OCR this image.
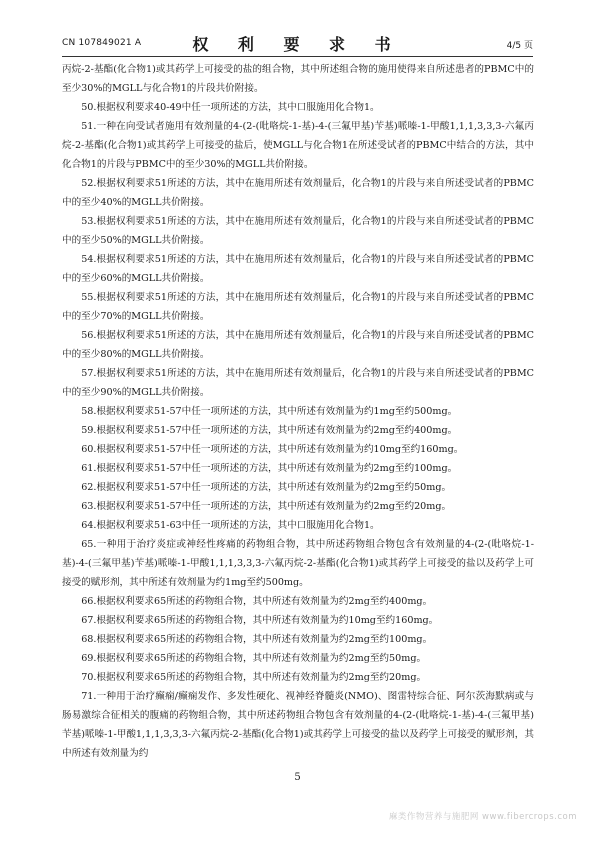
CN 107849021 A	权 利 要 求 书	4/5 页

丙烷-2-基酯(化合物1)或其药学上可接受的盐的组合物，其中所述组合物的施用使得来自所述患者的PBMC中的至少30%的MGLL与化合物1的片段共价附接。

50.根据权利要求40-49中任一项所述的方法，其中口服施用化合物1。

51.一种在向受试者施用有效剂量的4-(2-(吡咯烷-1-基)-4-(三氟甲基)苄基)哌嗪-1-甲酸1,1,1,3,3,3-六氟丙烷-2-基酯(化合物1)或其药学上可接受的盐后，使MGLL与化合物1在所述受试者的PBMC中结合的方法，其中化合物1的片段与PBMC中的至少30%的MGLL共价附接。

52.根据权利要求51所述的方法，其中在施用所述有效剂量后，化合物1的片段与来自所述受试者的PBMC中的至少40%的MGLL共价附接。

53.根据权利要求51所述的方法，其中在施用所述有效剂量后，化合物1的片段与来自所述受试者的PBMC中的至少50%的MGLL共价附接。

54.根据权利要求51所述的方法，其中在施用所述有效剂量后，化合物1的片段与来自所述受试者的PBMC中的至少60%的MGLL共价附接。

55.根据权利要求51所述的方法，其中在施用所述有效剂量后，化合物1的片段与来自所述受试者的PBMC中的至少70%的MGLL共价附接。

56.根据权利要求51所述的方法，其中在施用所述有效剂量后，化合物1的片段与来自所述受试者的PBMC中的至少80%的MGLL共价附接。

57.根据权利要求51所述的方法，其中在施用所述有效剂量后，化合物1的片段与来自所述受试者的PBMC中的至少90%的MGLL共价附接。

58.根据权利要求51-57中任一项所述的方法，其中所述有效剂量为约1mg至约500mg。

59.根据权利要求51-57中任一项所述的方法，其中所述有效剂量为约2mg至约400mg。

60.根据权利要求51-57中任一项所述的方法，其中所述有效剂量为约10mg至约160mg。

61.根据权利要求51-57中任一项所述的方法，其中所述有效剂量为约2mg至约100mg。

62.根据权利要求51-57中任一项所述的方法，其中所述有效剂量为约2mg至约50mg。

63.根据权利要求51-57中任一项所述的方法，其中所述有效剂量为约2mg至约20mg。

64.根据权利要求51-63中任一项所述的方法，其中口服施用化合物1。

65.一种用于治疗炎症或神经性疼痛的药物组合物，其中所述药物组合物包含有效剂量的4-(2-(吡咯烷-1-基)-4-(三氟甲基)苄基)哌嗪-1-甲酸1,1,1,3,3,3-六氟丙烷-2-基酯(化合物1)或其药学上可接受的盐以及药学上可接受的赋形剂，其中所述有效剂量为约1mg至约500mg。

66.根据权利要求65所述的药物组合物，其中所述有效剂量为约2mg至约400mg。

67.根据权利要求65所述的药物组合物，其中所述有效剂量为约10mg至约160mg。

68.根据权利要求65所述的药物组合物，其中所述有效剂量为约2mg至约100mg。

69.根据权利要求65所述的药物组合物，其中所述有效剂量为约2mg至约50mg。

70.根据权利要求65所述的药物组合物，其中所述有效剂量为约2mg至约20mg。

71.一种用于治疗癫痫/癫痫发作、多发性硬化、视神经脊髓炎(NMO)、图雷特综合征、阿尔茨海默病或与肠易激综合征相关的腹痛的药物组合物，其中所述药物组合物包含有效剂量的4-(2-(吡咯烷-1-基)-4-(三氟甲基)苄基)哌嗪-1-甲酸1,1,1,3,3,3-六氟丙烷-2-基酯(化合物1)或其药学上可接受的盐以及药学上可接受的赋形剂，其中所述有效剂量为约

5
麻类作物营养与施肥网 www.fibercrops.com
